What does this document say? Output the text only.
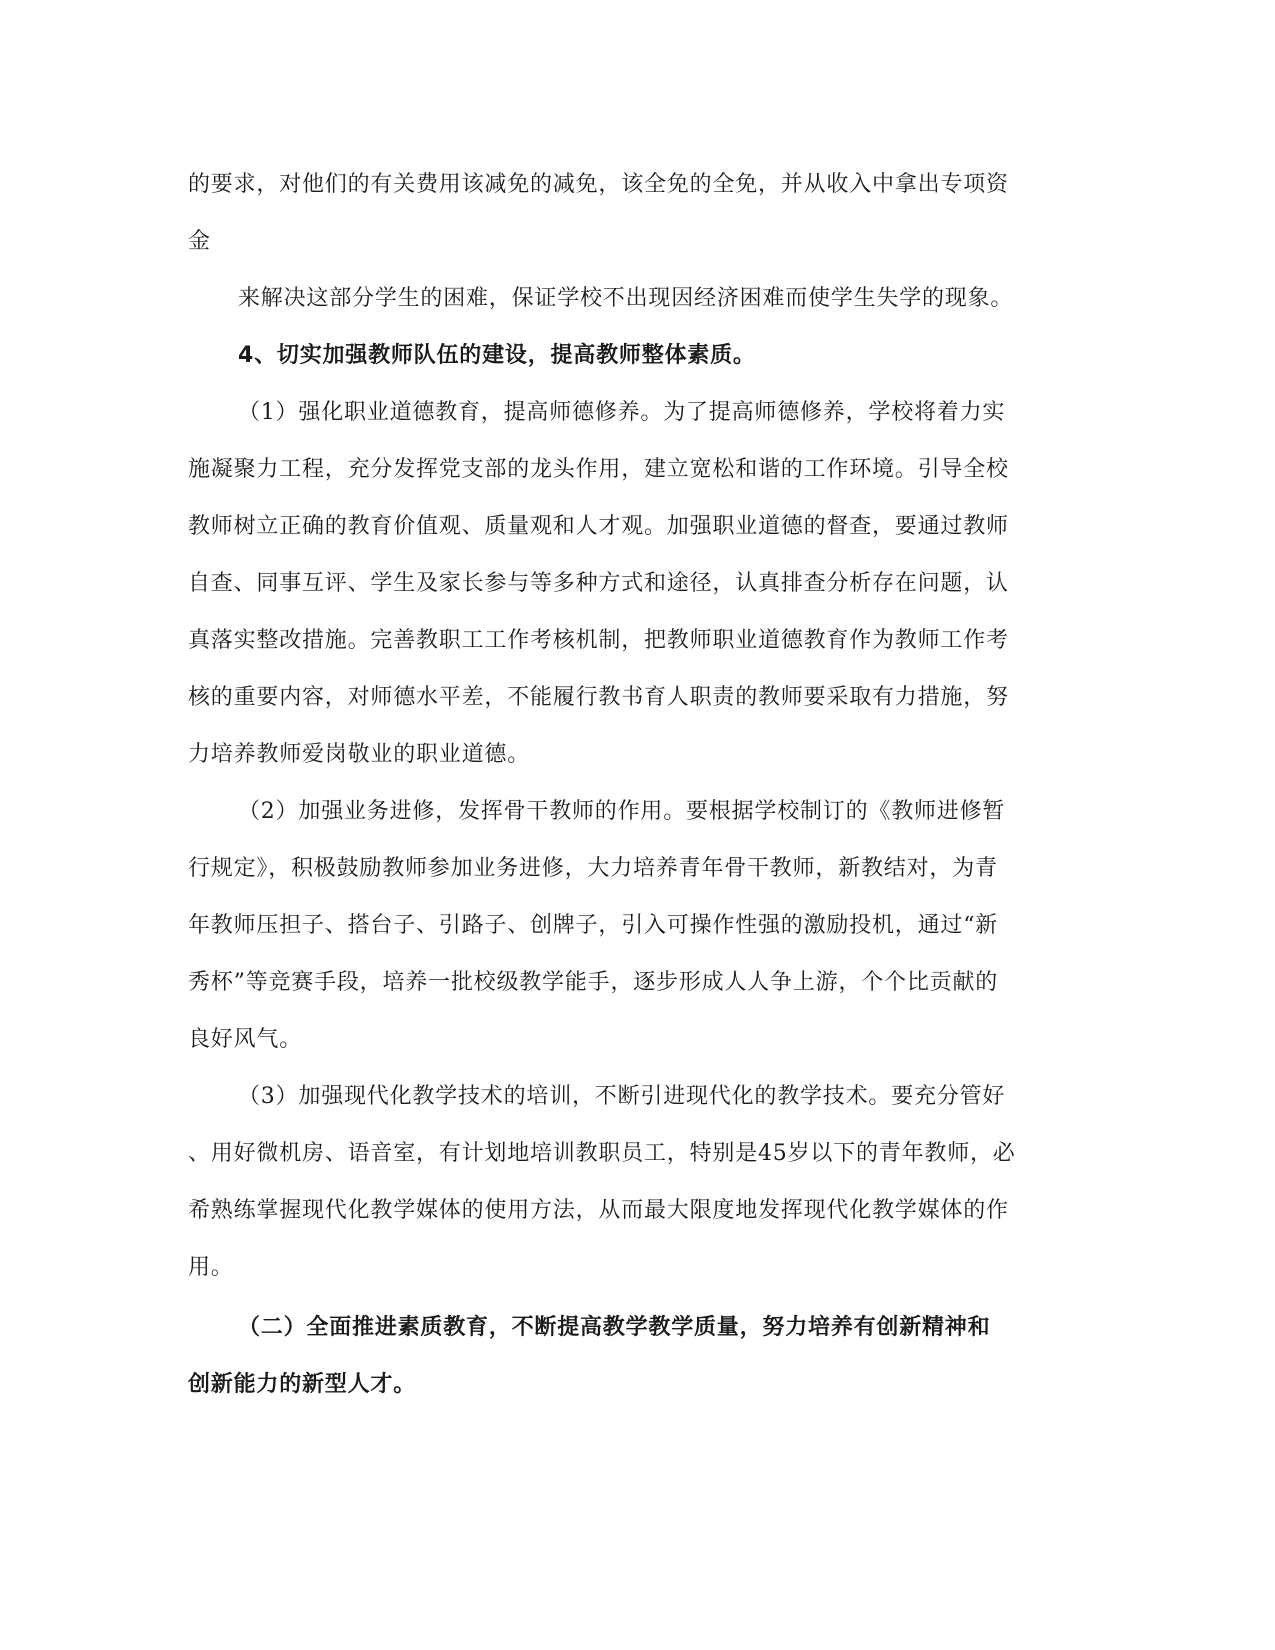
的要求，对他们的有关费用该减免的减免，该全免的全免，并从收入中拿出专项资
金
来解决这部分学生的困难，保证学校不出现因经济困难而使学生失学的现象。
4、切实加强教师队伍的建设，提高教师整体素质。
（1）强化职业道德教育，提高师德修养。为了提高师德修养，学校将着力实
施凝聚力工程，充分发挥党支部的龙头作用，建立宽松和谐的工作环境。引导全校
教师树立正确的教育价值观、质量观和人才观。加强职业道德的督查，要通过教师
自查、同事互评、学生及家长参与等多种方式和途径，认真排查分析存在问题，认
真落实整改措施。完善教职工工作考核机制，把教师职业道德教育作为教师工作考
核的重要内容，对师德水平差，不能履行教书育人职责的教师要采取有力措施，努
力培养教师爱岗敬业的职业道德。
（2）加强业务进修，发挥骨干教师的作用。要根据学校制订的《教师进修暂
行规定》，积极鼓励教师参加业务进修，大力培养青年骨干教师，新教结对，为青
年教师压担子、搭台子、引路子、创牌子，引入可操作性强的激励投机，通过“新
秀杯”等竞赛手段，培养一批校级教学能手，逐步形成人人争上游，个个比贡献的
良好风气。
（3）加强现代化教学技术的培训，不断引进现代化的教学技术。要充分管好
、用好微机房、语音室，有计划地培训教职员工，特别是45岁以下的青年教师，必
希熟练掌握现代化教学媒体的使用方法，从而最大限度地发挥现代化教学媒体的作
用。
（二）全面推进素质教育，不断提高教学教学质量，努力培养有创新精神和
创新能力的新型人才。
